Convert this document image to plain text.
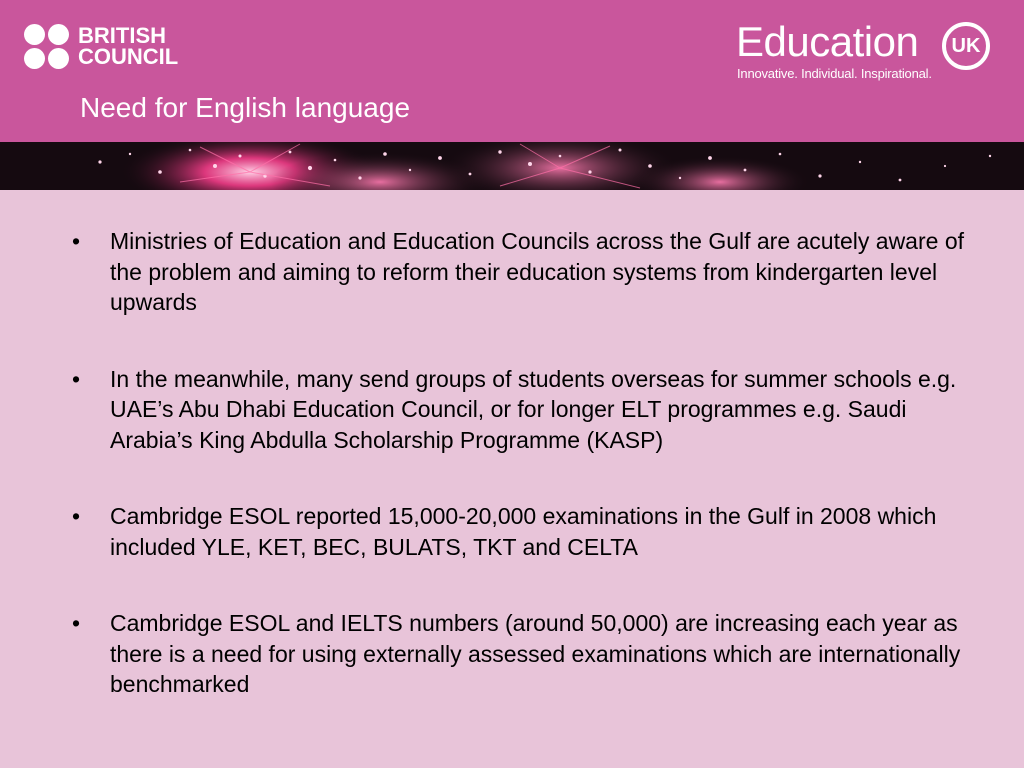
BRITISH
COUNCIL	Education	UK
Innovative. Individual. Inspirational.
Need for English language
• Ministries of Education and Education Councils across the Gulf are acutely aware of the problem and aiming to reform their education systems from kindergarten level upwards
• In the meanwhile, many send groups of students overseas for summer schools e.g. UAE’s Abu Dhabi Education Council, or for longer ELT programmes e.g. Saudi Arabia’s King Abdulla Scholarship Programme (KASP)
• Cambridge ESOL reported 15,000-20,000 examinations in the Gulf in 2008 which included YLE, KET, BEC, BULATS, TKT and CELTA
• Cambridge ESOL and IELTS numbers (around 50,000) are increasing each year as there is a need for using externally assessed examinations which are internationally benchmarked
